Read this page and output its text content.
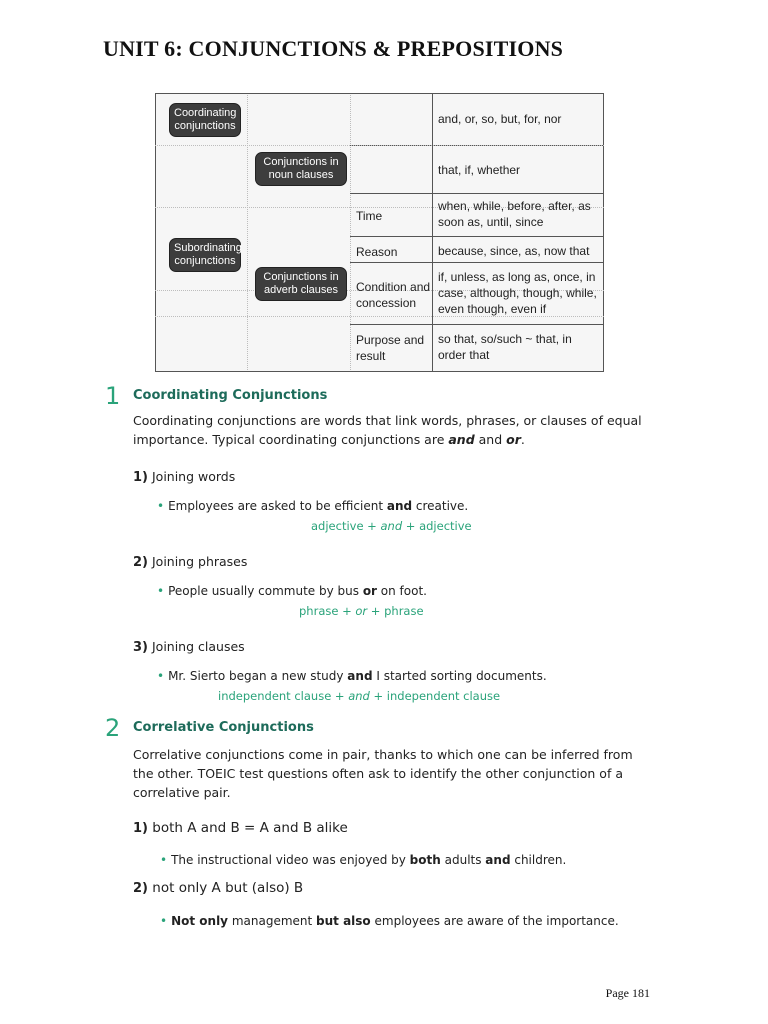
UNIT 6: CONJUNCTIONS & PREPOSITIONS
Coordinating conjunctions
Subordinating conjunctions
Conjunctions in noun clauses
Conjunctions in adverb clauses
Time
Reason
Condition and concession
Purpose and result
and, or, so, but, for, nor
that, if, whether
when, while, before, after, as soon as, until, since
because, since, as, now that
if, unless, as long as, once, in case, although, though, while, even though, even if
so that, so/such ~ that, in order that
1 Coordinating Conjunctions

Coordinating conjunctions are words that link words, phrases, or clauses of equal importance. Typical coordinating conjunctions are and and or.

1) Joining words
• Employees are asked to be efficient and creative.
adjective + and + adjective
2) Joining phrases
• People usually commute by bus or on foot.
phrase + or + phrase
3) Joining clauses
• Mr. Sierto began a new study and I started sorting documents.
independent clause + and + independent clause
2 Correlative Conjunctions

Correlative conjunctions come in pair, thanks to which one can be inferred from the other. TOEIC test questions often ask to identify the other conjunction of a correlative pair.

1) both A and B = A and B alike
• The instructional video was enjoyed by both adults and children.
2) not only A but (also) B
• Not only management but also employees are aware of the importance.
Page 181
